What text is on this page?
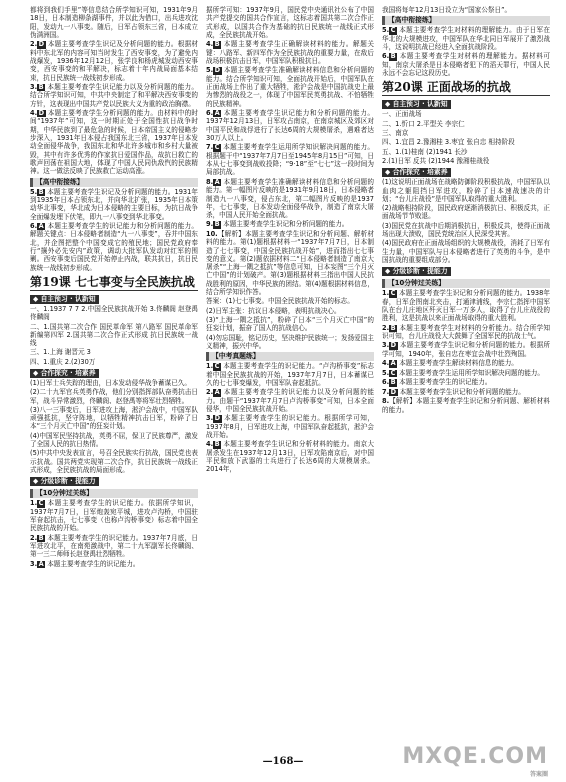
都将到我们手里”等信息结合所学知识可知，1931年9月18日，日本制造柳条湖事件，并以此为借口，出兵进攻沈阳，发动九一八事变。随后，日军占领东三省，日本成立伪满洲国。

2. D 本题主要考查学生识记及分析问题的能力。根据材料中东北军的内容可知当时发生了西安事变，为了避免内战爆发，1936年12月12日，张学良和杨虎城发动西安事变，西安事变的和平解决，标志着十年内战局面基本结束，抗日民族统一战线初步形成。

3. B 本题主要考查学生识记能力以及分析问题的能力。结合所学知识可知，中共中央制定了和平解决西安事变的方针，这表现出中国共产党以民族大义为重的政治胸襟。

4. D 本题主要考查学生分析问题的能力。由材料中的时间“1937年”可知，这一时期正处于全国性抗日战争时期，中华民族到了最危急的时候，日本帝国主义的侵略步步深入，1931年日本侵占我国东北三省，1937年日本发动全面侵华战争，我国东北和华北许多城市和乡村大量被毁，其中有许多优秀的作家抗日爱国作品，故抗日救亡的歌声回荡在祖国大地，体现了中国人民同仇敌忾的民族精神。这一做法反映了民族救亡运动高涨。

【高中衔接练】

5. B 本题主要考查学生识记及分析问题的能力。1931年到1935年日本占领东北，并向华北扩张，1935年日本策动华北事变，华北成为日本侵略的主要目标，为抗日战争全面爆发埋下伏笔，即九一八事变到华北事变。

6. A 本题主要考查学生的识记能力和分析问题的能力。解题关键点：日本侵略者制造“九一八事变”，吞并中国东北，并企图把整个中国变成它的殖民地；国民党政府奉行“攘外必先安内”政策，调动大批军队发动对红军的围剿。西安事变后国民党开始停止内战，联共抗日，抗日民族统一战线初步形成。

第19课 七七事变与全民族抗战
◆ 自主预习 · 认新知

一、1.1937 7 7 2.中国全民族抗战开始 3.佟麟阁 赵登禹 佟麟阁

二、1.国共第二次合作 国民革命军 第八路军 国民革命军新编第四军 2.国共第二次合作正式形成 抗日民族统一战线

三、1.上海 谢晋元 3

四、1.重庆 2.(2)30万

◆ 合作探究 · 培素养

(1)日军士兵失踪的理由，日本发动侵华战争蓄谋已久。

(2)二十九军官兵英勇作战，他们分别指挥部队奋勇抗击日军，战斗异常激烈，佟麟阁、赵登禹等将军壮烈牺牲。

(3)八一三事变后，日军进攻上海，淞沪会战中，中国军队顽强抵抗，坚守阵地，以牺牲精神抗击日军，粉碎了日本“三个月灭亡中国”的狂妄计划。

(4)中国军民坚持抗战，英勇不屈，保卫了民族尊严，激发了全国人民的抗日热情。

(5)中共中央发表宣言，号召全民族实行抗战，国民党也表示抗战。国共两党实现第二次合作，抗日民族统一战线正式形成，全民族抗战的局面形成。

◆ 分级诊断 · 提能力
【10分钟过关练】

1. C 本题主要考查学生的识记能力。依据所学知识，1937年7月7日，日军炮轰宛平城，进攻卢沟桥，中国驻军奋起抗击，七七事变（也称卢沟桥事变）标志着中国全民族抗战的开始。

2. B 本题主要考查学生的识记能力。1937年7月底，日军进攻北平，在南苑激战中，第二十九军副军长佟麟阁、第一三二师师长赵登禹壮烈牺牲。

3. A 本题主要考查学生的识记能力。

据所学可知：1937年9月，国民党中央通讯社公布了中国共产党提交的国共合作宣言，这标志着国共第二次合作正式形成，以国共合作为基础的抗日民族统一战线正式形成，全民族抗战开始。

4. B 本题主要考查学生正确解读材料的能力。解题关键：八路军、新四军作为全民族抗战的重要力量，在敌后战场积极抗击日军，中国军队积极抗日。

5. D 本题主要考查学生准确解读材料信息和分析问题的能力。结合所学知识可知，全面抗战开始后，中国军队在正面战场上作出了重大牺牲，淞沪会战是中国抗战史上最为惨烈的战役之一，体现了中国军民英勇抗战、不怕牺牲的民族精神。

6. A 本题主要考查学生识记能力和分析问题的能力。1937年12月13日，日军攻占南京，在南京城区及郊区对中国平民和战俘进行了长达6周的大规模屠杀，遇难者达30万人以上。

7. C 本题主要考查学生运用所学知识解决问题的能力。根据题干中“1937年7月7日至1945年8月15日”可知，日本从七七事变到战败投降；“9·18”至“七七”这一段时间为局部抗战。

8. A 本题主要考查学生准确解读材料信息和分析问题的能力。第一幅图片反映的是1931年9月18日，日本侵略者制造九一八事变，侵占东北，第二幅图片反映的是1937年，七七事变，日本发动全面侵华战争，制造了南京大屠杀，中国人民开始全面抗战。

9. B 本题主要考查学生识记和分析问题的能力。

10.【解析】本题主要考查学生识记和分析问题、解析材料的能力。第(1)题根据材料一“1937年7月7日，日本制造了七七事变，中国全民族抗战开始”，进而指出七七事变的意义。第(2)题依据材料二“日本侵略者制造了南京大屠杀”“上海一隅之抵抗”等信息可知，日本妄图“三个月灭亡中国”的计划破产。第(3)题根据材料三指出中国人民抗战胜利的原因，中华民族的团结。第(4)题根据材料信息，结合所学知识作答。

答案：(1)七七事变。中国全民族抗战开始的标志。

(2)日军主张：抗议日本侵略，表明抗战决心。

(3)“上海一隅之抵抗”，粉碎了日本“三个月灭亡中国”的狂妄计划，振奋了国人的抗战信心。

(4)勿忘国耻，铭记历史，坚决维护民族统一；发扬爱国主义精神，振兴中华。

【中考真题练】

1. C 本题主要考查学生的识记能力。“卢沟桥事变”标志着中国全民族抗战的开始，1937年7月7日，日本蓄谋已久的七七事变爆发，中国军队奋起抵抗。

2. A 本题主要考查学生的识记能力以及分析问题的能力。由题干“1937年7月7日卢沟桥事变”可知，日本全面侵华，中国全民族抗战开始。

3. D 本题主要考查学生的识记能力。根据所学可知，1937年8月，日军进攻上海，中国军队奋起抵抗，淞沪会战开始。

4. B 本题主要考查学生识记和分析材料的能力。南京大屠杀发生在1937年12月13日，日军攻陷南京后，对中国平民和放下武器的士兵进行了长达6周的大规模屠杀。2014年，

我国将每年12月13日设立为“国家公祭日”。

【高中衔接练】

5. C 本题主要考查学生对材料的理解能力。由于日军在华北的大规模进攻，中国军队在华北同日军展开了激烈战斗，这说明抗战已经进入全面抗战阶段。

6. B 本题主要考查学生对材料的理解能力。据材料可知，南京大屠杀是日本侵略者犯下的滔天罪行，中国人民永远不会忘记这段历史。

第20课 正面战场的抗战
◆ 自主预习 · 认新知

一、正面战场

二、1.忻口 2.平型关 李宗仁

三、南京

四、1.宜昌 2.豫湘桂 3.枣宜 张自忠 相持阶段

五、1.(1)桂南 (2)1941 长沙

2.(1)日军 反共 (2)1944 豫湘桂战役

◆ 合作探究 · 培素养

(1)这说明正面战场在战略防御阶段积极抗战，中国军队以血肉之躯阻挡日军进攻，粉碎了日本速战速决的计划；“台儿庄战役”是中国军队取得的重大胜利。

(2)战略相持阶段，国民政府逐渐消极抗日、积极反共，正面战场节节败退。

(3)国民党在抗战中后期消极抗日，积极反共，使得正面战场出现大溃败，国民党统治区人民深受其害。

(4)国民政府在正面战场组织的大规模战役，消耗了日军有生力量，中国军队与日本侵略者进行了英勇的斗争，是中国抗战的重要组成部分。

◆ 分级诊断 · 提能力
【10分钟过关练】

1. C 本题主要考查学生识记和分析问题的能力。1938年春，日军企图南北夹击，打通津浦线，李宗仁指挥中国军队在台儿庄地区歼灭日军一万多人，取得了台儿庄战役的胜利，这是抗战以来正面战场取得的重大胜利。

2. B 本题主要考查学生对材料的分析能力。结合所学知识可知，台儿庄战役大大鼓舞了全国军民的抗战士气。

3. D 本题主要考查学生识记和分析问题的能力。根据所学可知，1940年，张自忠在枣宜会战中壮烈殉国。

4. A 本题主要考查学生解读材料信息的能力。

5. C 本题主要考查学生运用所学知识解决问题的能力。

6. B 本题主要考查学生的识记能力。

7. D 本题主要考查学生识记和分析问题的能力。

8.【解析】本题主要考查学生识记和分析问题、解析材料的能力。

—168—	MXQE.COM
答案圈
